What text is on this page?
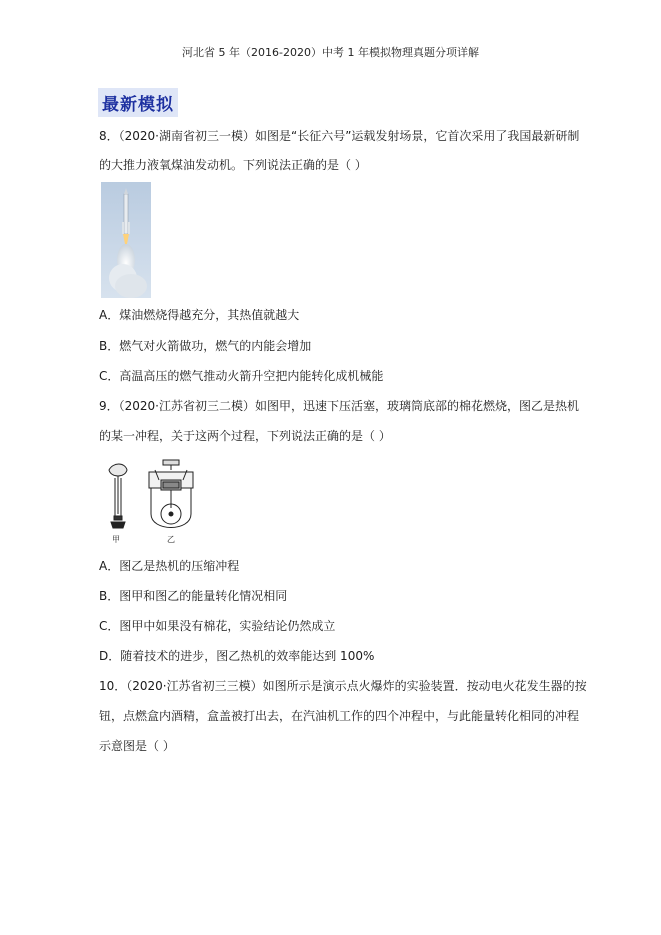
河北省 5 年（2016-2020）中考 1 年模拟物理真题分项详解
最新模拟
8．（2020·湖南省初三一模）如图是“长征六号”运载发射场景，它首次采用了我国最新研制
的大推力液氧煤油发动机。下列说法正确的是（ ）
A．煤油燃烧得越充分，其热值就越大
B．燃气对火箭做功，燃气的内能会增加
C．高温高压的燃气推动火箭升空把内能转化成机械能
9．（2020·江苏省初三二模）如图甲，迅速下压活塞，玻璃筒底部的棉花燃烧，图乙是热机
的某一冲程，关于这两个过程，下列说法正确的是（ ）
甲	乙
A．图乙是热机的压缩冲程
B．图甲和图乙的能量转化情况相同
C．图甲中如果没有棉花，实验结论仍然成立
D．随着技术的进步，图乙热机的效率能达到 100%
10．（2020·江苏省初三三模）如图所示是演示点火爆炸的实验装置．按动电火花发生器的按
钮，点燃盒内酒精，盒盖被打出去，在汽油机工作的四个冲程中，与此能量转化相同的冲程
示意图是（ ）
